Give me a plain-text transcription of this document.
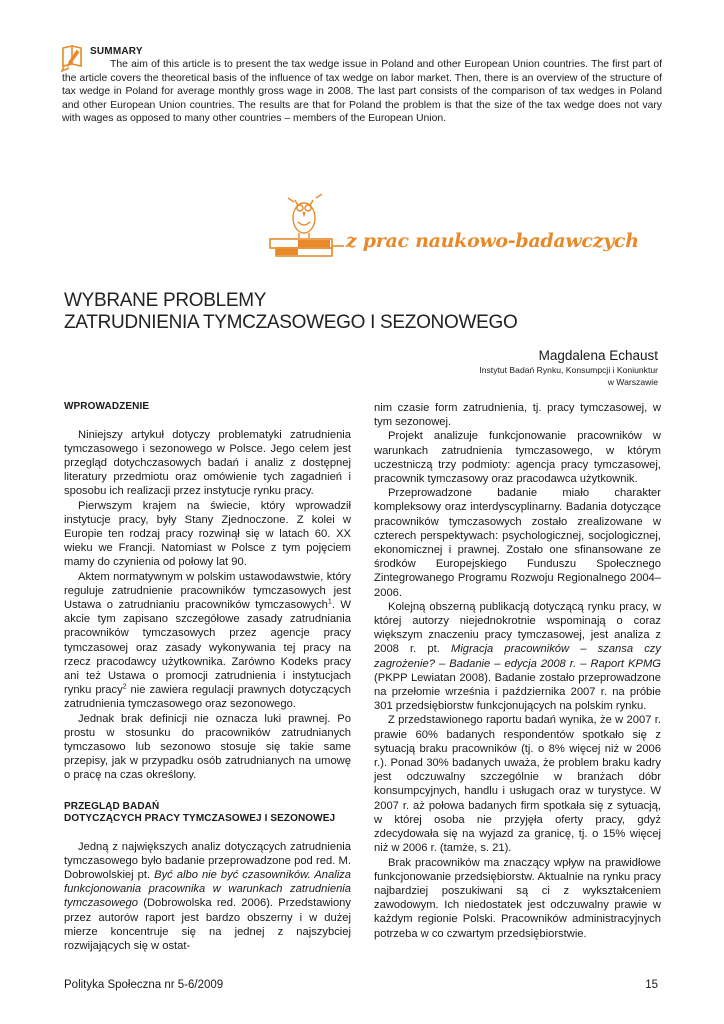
SUMMARY
The aim of this article is to present the tax wedge issue in Poland and other European Union countries. The first part of the article covers the theoretical basis of the influence of tax wedge on labor market. Then, there is an overview of the structure of tax wedge in Poland for average monthly gross wage in 2008. The last part consists of the comparison of tax wedges in Poland and other European Union countries. The results are that for Poland the problem is that the size of the tax wedge does not vary with wages as opposed to many other countries – members of the European Union.
z prac naukowo-badawczych
WYBRANE PROBLEMY
ZATRUDNIENIA TYMCZASOWEGO I SEZONOWEGO
Magdalena Echaust
Instytut Badań Rynku, Konsumpcji i Koniunktur
w Warszawie
WPROWADZENIE

Niniejszy artykuł dotyczy problematyki zatrudnienia tymczasowego i sezonowego w Polsce. Jego celem jest przegląd dotychczasowych badań i analiz z dostępnej literatury przedmiotu oraz omówienie tych zagadnień i sposobu ich realizacji przez instytucje rynku pracy.

Pierwszym krajem na świecie, który wprowadził instytucje pracy, były Stany Zjednoczone. Z kolei w Europie ten rodzaj pracy rozwinął się w latach 60. XX wieku we Francji. Natomiast w Polsce z tym pojęciem mamy do czynienia od połowy lat 90.

Aktem normatywnym w polskim ustawodawstwie, który reguluje zatrudnienie pracowników tymczasowych jest Ustawa o zatrudnianiu pracowników tymczasowych$^1$. W akcie tym zapisano szczegółowe zasady zatrudniania pracowników tymczasowych przez agencje pracy tymczasowej oraz zasady wykonywania tej pracy na rzecz pracodawcy użytkownika. Zarówno Kodeks pracy ani też Ustawa o promocji zatrudnienia i instytucjach rynku pracy$^2$ nie zawiera regulacji prawnych dotyczących zatrudnienia tymczasowego oraz sezonowego.

Jednak brak definicji nie oznacza luki prawnej. Po prostu w stosunku do pracowników zatrudnianych tymczasowo lub sezonowo stosuje się takie same przepisy, jak w przypadku osób zatrudnianych na umowę o pracę na czas określony.

PRZEGLĄD BADAŃ
DOTYCZĄCYCH PRACY TYMCZASOWEJ I SEZONOWEJ

Jedną z największych analiz dotyczących zatrudnienia tymczasowego było badanie przeprowadzone pod red. M. Dobrowolskiej pt. Być albo nie być czasowników. Analiza funkcjonowania pracownika w warunkach zatrudnienia tymczasowego (Dobrowolska red. 2006). Przedstawiony przez autorów raport jest bardzo obszerny i w dużej mierze koncentruje się na jednej z najszybciej rozwijających się w ostat-

nim czasie form zatrudnienia, tj. pracy tymczasowej, w tym sezonowej.

Projekt analizuje funkcjonowanie pracowników w warunkach zatrudnienia tymczasowego, w którym uczestniczą trzy podmioty: agencja pracy tymczasowej, pracownik tymczasowy oraz pracodawca użytkownik.

Przeprowadzone badanie miało charakter kompleksowy oraz interdyscyplinarny. Badania dotyczące pracowników tymczasowych zostało zrealizowane w czterech perspektywach: psychologicznej, socjologicznej, ekonomicznej i prawnej. Zostało one sfinansowane ze środków Europejskiego Funduszu Społecznego Zintegrowanego Programu Rozwoju Regionalnego 2004–2006.

Kolejną obszerną publikacją dotyczącą rynku pracy, w której autorzy niejednokrotnie wspominają o coraz większym znaczeniu pracy tymczasowej, jest analiza z 2008 r. pt. Migracja pracowników – szansa czy zagrożenie? – Badanie – edycja 2008 r. – Raport KPMG (PKPP Lewiatan 2008). Badanie zostało przeprowadzone na przełomie września i października 2007 r. na próbie 301 przedsiębiorstw funkcjonujących na polskim rynku.

Z przedstawionego raportu badań wynika, że w 2007 r. prawie 60% badanych respondentów spotkało się z sytuacją braku pracowników (tj. o 8% więcej niż w 2006 r.). Ponad 30% badanych uważa, że problem braku kadry jest odczuwalny szczególnie w branżach dóbr konsumpcyjnych, handlu i usługach oraz w turystyce. W 2007 r. aż połowa badanych firm spotkała się z sytuacją, w której osoba nie przyjęła oferty pracy, gdyż zdecydowała się na wyjazd za granicę, tj. o 15% więcej niż w 2006 r. (tamże, s. 21).

Brak pracowników ma znaczący wpływ na prawidłowe funkcjonowanie przedsiębiorstw. Aktualnie na rynku pracy najbardziej poszukiwani są ci z wykształceniem zawodowym. Ich niedostatek jest odczuwalny prawie w każdym regionie Polski. Pracowników administracyjnych potrzeba w co czwartym przedsiębiorstwie.

Polityka Społeczna nr 5-6/2009	15
